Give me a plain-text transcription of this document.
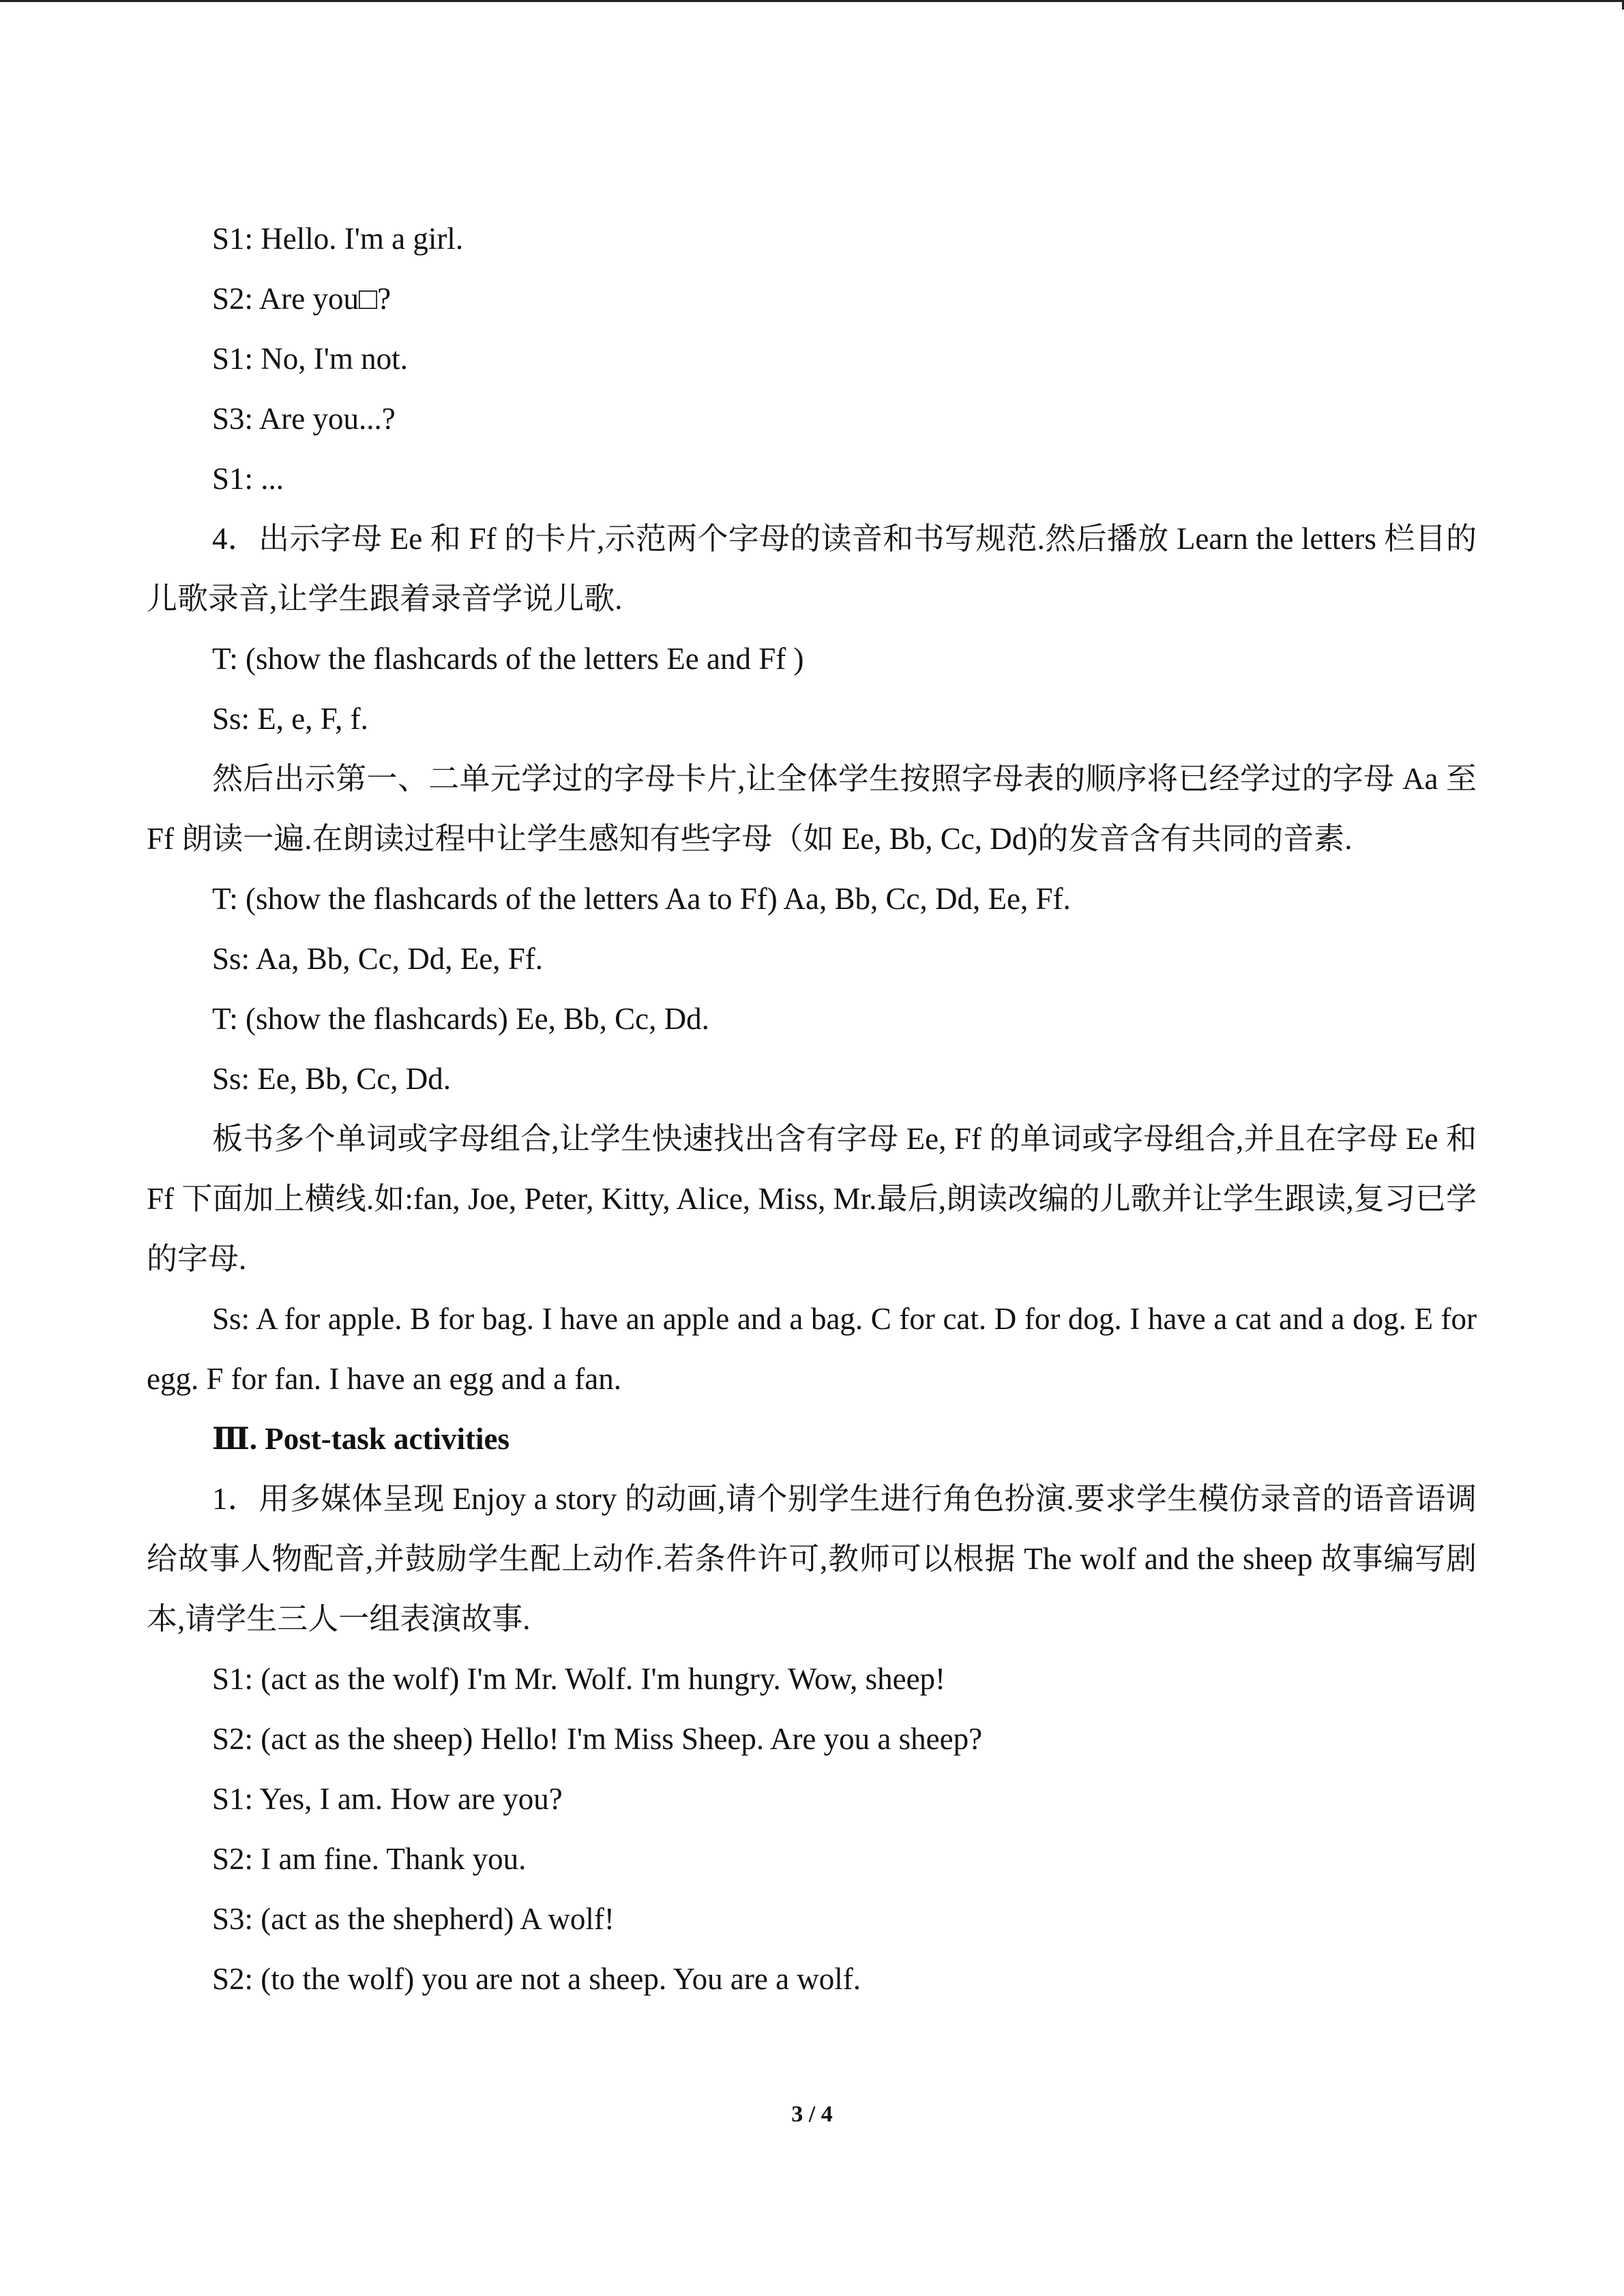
S1: Hello. I'm a girl.
S2: Are you□?
S1: No, I'm not.
S3: Are you...?
S1: ...

4．出示字母 Ee 和 Ff 的卡片,示范两个字母的读音和书写规范.然后播放 Learn the letters 栏目的儿歌录音,让学生跟着录音学说儿歌.

T: (show the flashcards of the letters Ee and Ff )
Ss: E, e, F, f.

然后出示第一、二单元学过的字母卡片,让全体学生按照字母表的顺序将已经学过的字母 Aa 至 Ff 朗读一遍.在朗读过程中让学生感知有些字母（如 Ee, Bb, Cc, Dd)的发音含有共同的音素.

T: (show the flashcards of the letters Aa to Ff) Aa, Bb, Cc, Dd, Ee, Ff.
Ss: Aa, Bb, Cc, Dd, Ee, Ff.
T: (show the flashcards) Ee, Bb, Cc, Dd.
Ss: Ee, Bb, Cc, Dd.

板书多个单词或字母组合,让学生快速找出含有字母 Ee, Ff 的单词或字母组合,并且在字母 Ee 和 Ff 下面加上横线.如:fan, Joe, Peter, Kitty, Alice, Miss, Mr.最后,朗读改编的儿歌并让学生跟读,复习已学的字母.

Ss: A for apple. B for bag. I have an apple and a bag. C for cat. D for dog. I have a cat and a dog. E for egg. F for fan. I have an egg and a fan.

Ⅲ. Post-task activities

1．用多媒体呈现 Enjoy a story 的动画,请个别学生进行角色扮演.要求学生模仿录音的语音语调给故事人物配音,并鼓励学生配上动作.若条件许可,教师可以根据 The wolf and the sheep 故事编写剧本,请学生三人一组表演故事.

S1: (act as the wolf) I'm Mr. Wolf. I'm hungry. Wow, sheep!
S2: (act as the sheep) Hello! I'm Miss Sheep. Are you a sheep?
S1: Yes, I am. How are you?
S2: I am fine. Thank you.
S3: (act as the shepherd) A wolf!
S2: (to the wolf) you are not a sheep. You are a wolf.
3 / 4
